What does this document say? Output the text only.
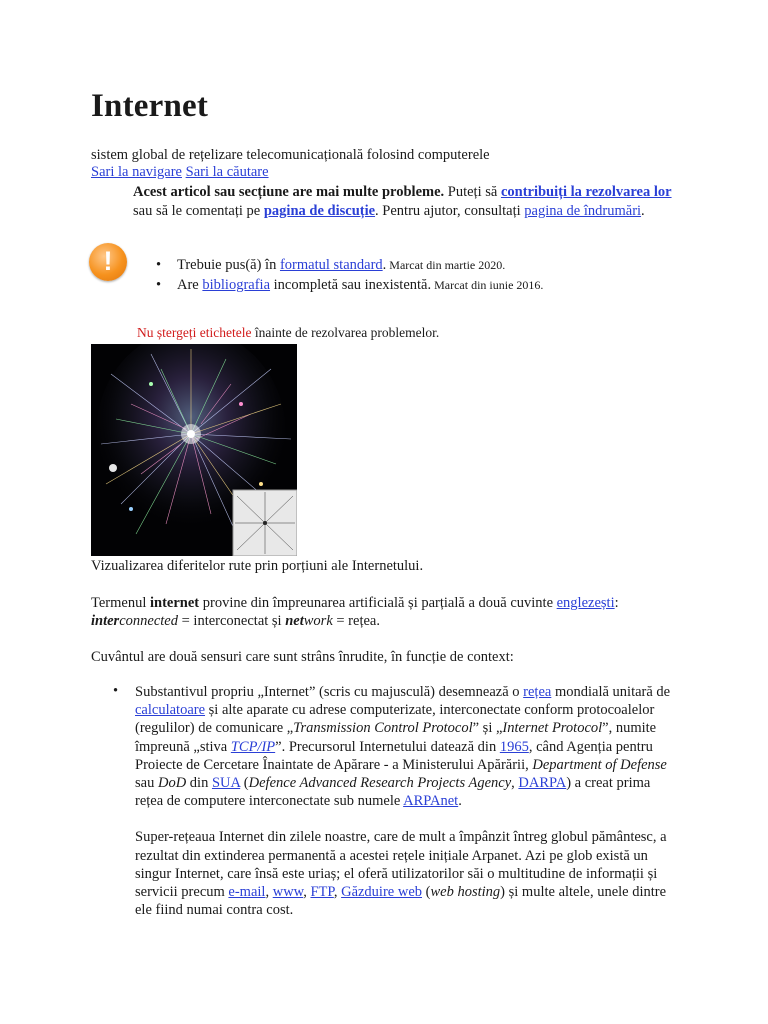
Internet
sistem global de rețelizare telecomunicațională folosind computerele
Sari la navigare Sari la căutare
Acest articol sau secțiune are mai multe probleme. Puteți să contribuiți la rezolvarea lor sau să le comentați pe pagina de discuție. Pentru ajutor, consultați pagina de îndrumări.
!
•	Trebuie pus(ă) în formatul standard. Marcat din martie 2020.
• Are bibliografia incompletă sau inexistentă. Marcat din iunie 2016.
Nu ștergeți etichetele înainte de rezolvarea problemelor.
Vizualizarea diferitelor rute prin porțiuni ale Internetului.
Termenul internet provine din împreunarea artificială și parțială a două cuvinte englezești:
interconnected = interconectat și network = rețea.
Cuvântul are două sensuri care sunt strâns înrudite, în funcție de context:
• Substantivul propriu „Internet” (scris cu majusculă) desemnează o rețea mondială unitară de calculatoare și alte aparate cu adrese computerizate, interconectate conform protocoalelor (regulilor) de comunicare „Transmission Control Protocol” și „Internet Protocol”, numite împreună „stiva TCP/IP”. Precursorul Internetului datează din 1965, când Agenția pentru Proiecte de Cercetare Înaintate de Apărare - a Ministerului Apărării, Department of Defense sau DoD din SUA (Defence Advanced Research Projects Agency, DARPA) a creat prima rețea de computere interconectate sub numele ARPAnet.

Super-rețeaua Internet din zilele noastre, care de mult a împânzit întreg globul pământesc, a rezultat din extinderea permanentă a acestei rețele inițiale Arpanet. Azi pe glob există un singur Internet, care însă este uriaș; el oferă utilizatorilor săi o multitudine de informații și servicii precum e-mail, www, FTP, Găzduire web (web hosting) și multe altele, unele dintre ele fiind numai contra cost.
